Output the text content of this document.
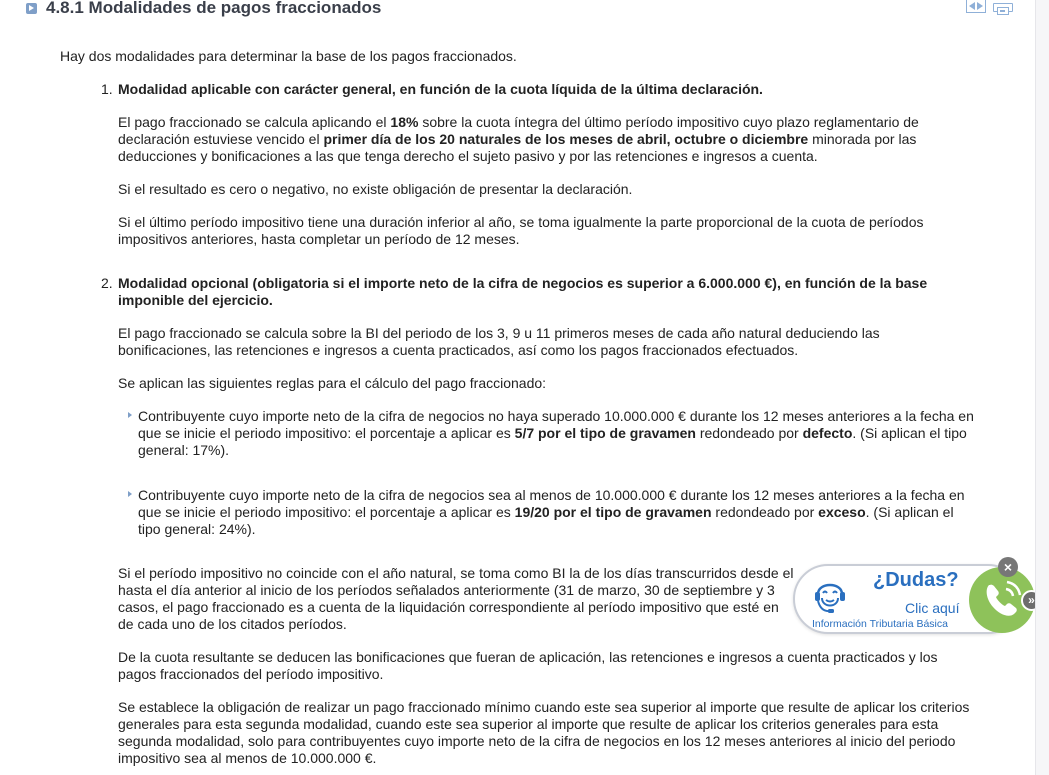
4.8.1 Modalidades de pagos fraccionados
Hay dos modalidades para determinar la base de los pagos fraccionados.
1. Modalidad aplicable con carácter general, en función de la cuota líquida de la última declaración.
El pago fraccionado se calcula aplicando el 18% sobre la cuota íntegra del último período impositivo cuyo plazo reglamentario de
declaración estuviese vencido el primer día de los 20 naturales de los meses de abril, octubre o diciembre minorada por las
deducciones y bonificaciones a las que tenga derecho el sujeto pasivo y por las retenciones e ingresos a cuenta.
Si el resultado es cero o negativo, no existe obligación de presentar la declaración.
Si el último período impositivo tiene una duración inferior al año, se toma igualmente la parte proporcional de la cuota de períodos
impositivos anteriores, hasta completar un período de 12 meses.
2. Modalidad opcional (obligatoria si el importe neto de la cifra de negocios es superior a 6.000.000 €), en función de la base
imponible del ejercicio.
El pago fraccionado se calcula sobre la BI del periodo de los 3, 9 u 11 primeros meses de cada año natural deduciendo las
bonificaciones, las retenciones e ingresos a cuenta practicados, así como los pagos fraccionados efectuados.
Se aplican las siguientes reglas para el cálculo del pago fraccionado:
Contribuyente cuyo importe neto de la cifra de negocios no haya superado 10.000.000 € durante los 12 meses anteriores a la fecha en
que se inicie el periodo impositivo: el porcentaje a aplicar es 5/7 por el tipo de gravamen redondeado por defecto. (Si aplican el tipo
general: 17%).
Contribuyente cuyo importe neto de la cifra de negocios sea al menos de 10.000.000 € durante los 12 meses anteriores a la fecha en
que se inicie el periodo impositivo: el porcentaje a aplicar es 19/20 por el tipo de gravamen redondeado por exceso. (Si aplican el
tipo general: 24%).
Si el período impositivo no coincide con el año natural, se toma como BI la de los días transcurridos desde el
hasta el día anterior al inicio de los períodos señalados anteriormente (31 de marzo, 30 de septiembre y 3
casos, el pago fraccionado es a cuenta de la liquidación correspondiente al período impositivo que esté en
de cada uno de los citados períodos.
De la cuota resultante se deducen las bonificaciones que fueran de aplicación, las retenciones e ingresos a cuenta practicados y los
pagos fraccionados del período impositivo.
Se establece la obligación de realizar un pago fraccionado mínimo cuando este sea superior al importe que resulte de aplicar los criterios
generales para esta segunda modalidad, cuando este sea superior al importe que resulte de aplicar los criterios generales para esta
segunda modalidad, solo para contribuyentes cuyo importe neto de la cifra de negocios en los 12 meses anteriores al inicio del periodo
impositivo sea al menos de 10.000.000 €.
¿Dudas?
Clic aquí
Información Tributaria Básica
×
»
